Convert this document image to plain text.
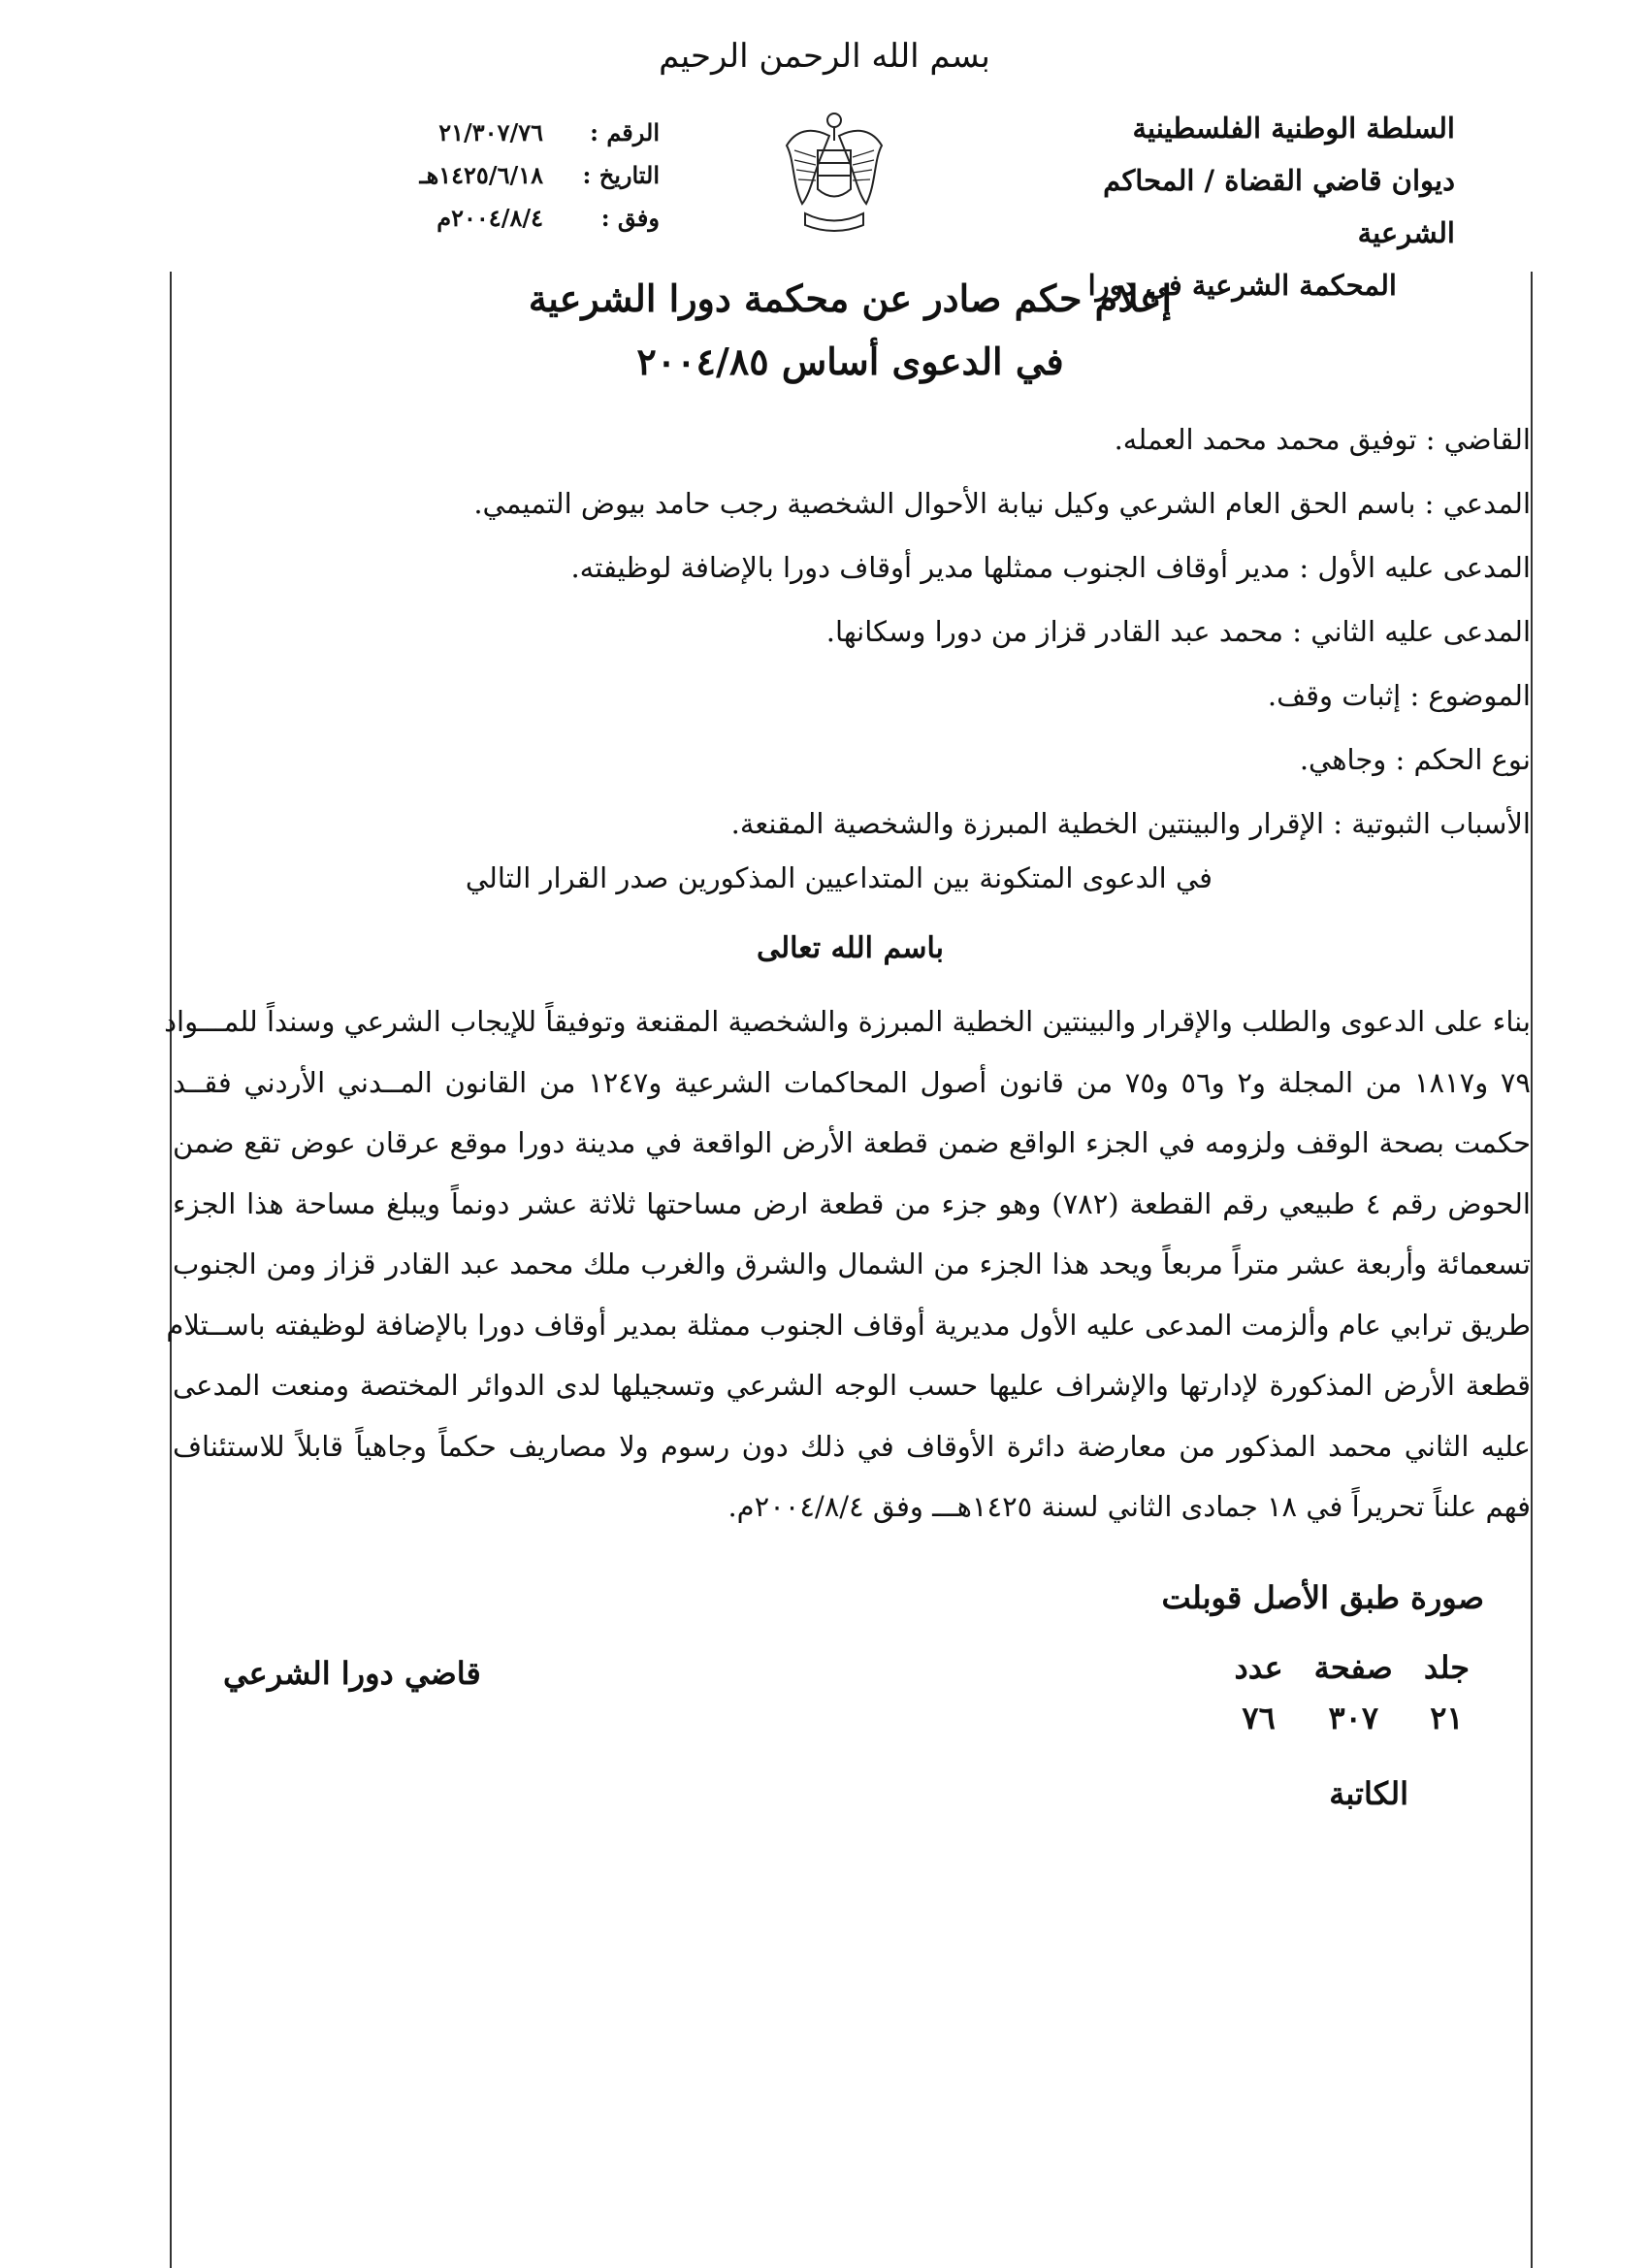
بسم الله الرحمن الرحيم
السلطة الوطنية الفلسطينية
ديوان قاضي القضاة / المحاكم الشرعية
المحكمة الشرعية في دورا
الرقم :
٢١/٣٠٧/٧٦
التاريخ :
١٤٢٥/٦/١٨هـ
وفق :
٢٠٠٤/٨/٤م
إعلام حكم صادر عن محكمة دورا الشرعية
في الدعوى أساس ٢٠٠٤/٨٥
القاضي : توفيق محمد محمد العمله.
المدعي : باسم الحق العام الشرعي وكيل نيابة الأحوال الشخصية رجب حامد بيوض التميمي.
المدعى عليه الأول : مدير أوقاف الجنوب ممثلها مدير أوقاف دورا بالإضافة لوظيفته.
المدعى عليه الثاني : محمد عبد القادر قزاز من دورا وسكانها.
الموضوع : إثبات وقف.
نوع الحكم : وجاهي.
الأسباب الثبوتية : الإقرار والبينتين الخطية المبرزة والشخصية المقنعة.
في الدعوى المتكونة بين المتداعيين المذكورين صدر القرار التالي
باسم الله تعالى
بناء على الدعوى والطلب والإقرار والبينتين الخطية المبرزة والشخصية المقنعة وتوفيقاً للإيجاب الشرعي وسنداً للمـــواد
٧٩ و١٨١٧ من المجلة و٢ و٥٦ و٧٥ من قانون أصول المحاكمات الشرعية و١٢٤٧ من القانون المــدني الأردني فقــد
حكمت بصحة الوقف ولزومه في الجزء الواقع ضمن قطعة الأرض الواقعة في مدينة دورا موقع عرقان عوض تقع ضمن
الحوض رقم ٤ طبيعي رقم القطعة (٧٨٢) وهو جزء من قطعة ارض مساحتها ثلاثة عشر دونماً ويبلغ مساحة هذا الجزء
تسعمائة وأربعة عشر متراً مربعاً ويحد هذا الجزء من الشمال والشرق والغرب ملك محمد عبد القادر قزاز ومن الجنوب
طريق ترابي عام وألزمت المدعى عليه الأول مديرية أوقاف الجنوب ممثلة بمدير أوقاف دورا بالإضافة لوظيفته باســتلام
قطعة الأرض المذكورة لإدارتها والإشراف عليها حسب الوجه الشرعي وتسجيلها لدى الدوائر المختصة ومنعت المدعى
عليه الثاني محمد المذكور من معارضة دائرة الأوقاف في ذلك دون رسوم ولا مصاريف حكماً وجاهياً قابلاً للاستئناف
فهم علناً تحريراً في ١٨ جمادى الثاني لسنة ١٤٢٥هـــ وفق ٢٠٠٤/٨/٤م.
صورة طبق الأصل قوبلت
جلد
٢١
صفحة
٣٠٧
عدد
٧٦
قاضي دورا الشرعي
الكاتبة
